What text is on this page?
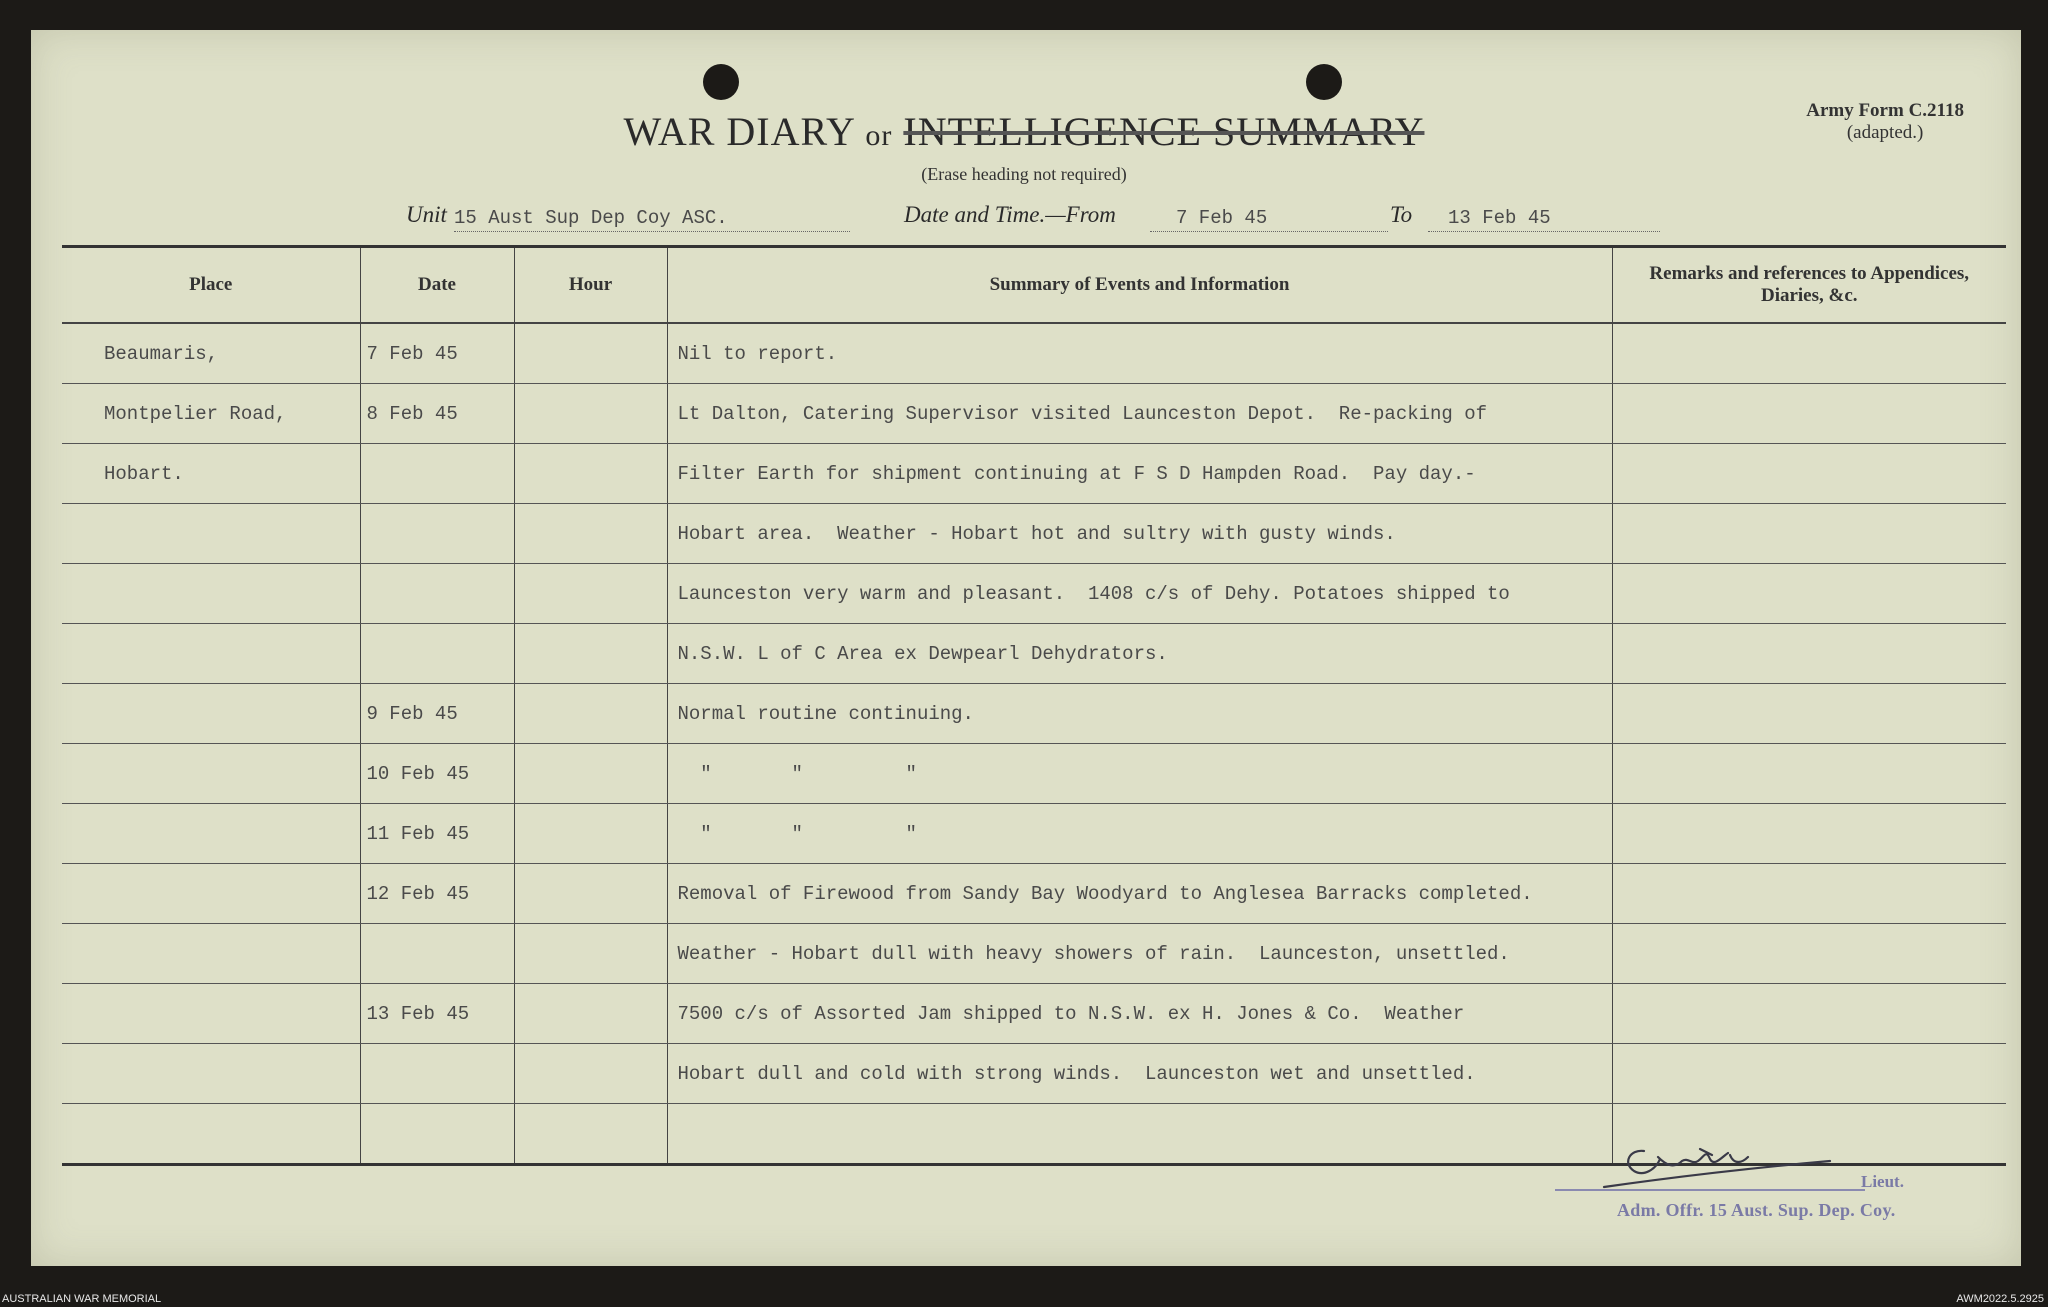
WAR DIARY or INTELLIGENCE SUMMARY
(Erase heading not required)
Army Form C.2118
(adapted.)
Unit 15 Aust Sup Dep Coy ASC.	Date and Time.—From	7 Feb 45	To	13 Feb 45
Place	Date	Hour	Summary of Events and Information	Remarks and references to Appendices, Diaries, &c.
Beaumaris,	7 Feb 45		Nil to report.	
Montpelier Road,	8 Feb 45		Lt Dalton, Catering Supervisor visited Launceston Depot.  Re-packing of	
Hobart.			Filter Earth for shipment continuing at F S D Hampden Road.  Pay day.-	
			Hobart area.  Weather - Hobart hot and sultry with gusty winds.	
			Launceston very warm and pleasant.  1408 c/s of Dehy. Potatoes shipped to	
			N.S.W. L of C Area ex Dewpearl Dehydrators.	
	9 Feb 45		Normal routine continuing.	
	10 Feb 45		"       "         "	
	11 Feb 45		"       "         "	
	12 Feb 45		Removal of Firewood from Sandy Bay Woodyard to Anglesea Barracks completed.	
			Weather - Hobart dull with heavy showers of rain.  Launceston, unsettled.	
	13 Feb 45		7500 c/s of Assorted Jam shipped to N.S.W. ex H. Jones & Co.  Weather	
			Hobart dull and cold with strong winds.  Launceston wet and unsettled.	

Lieut.
Adm. Offr. 15 Aust. Sup. Dep. Coy.
AUSTRALIAN WAR MEMORIAL	AWM2022.5.2925
